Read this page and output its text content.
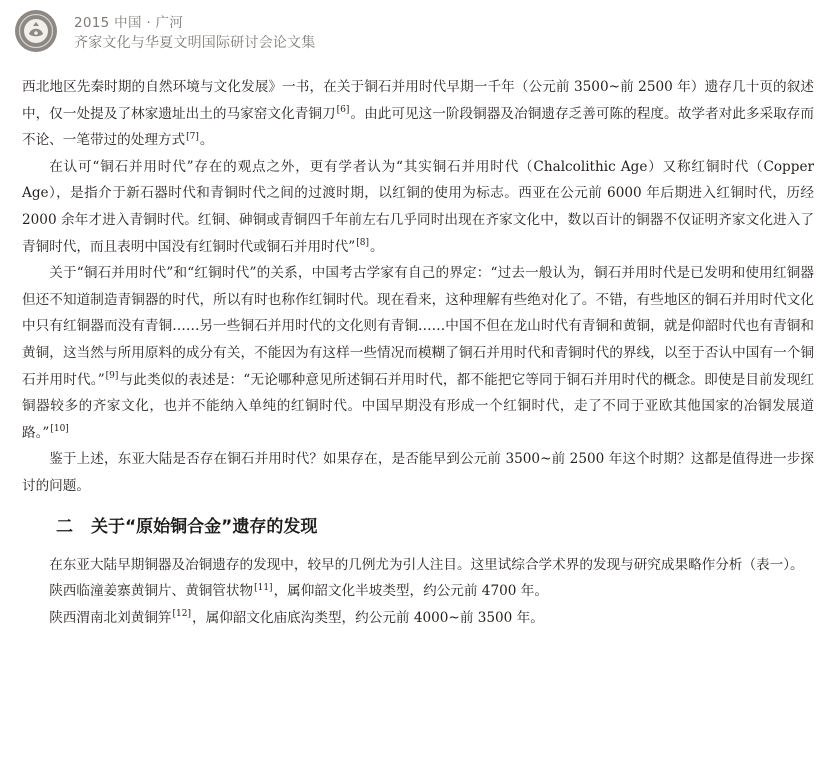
2015 中国 · 广河
齐家文化与华夏文明国际研讨会论文集

西北地区先秦时期的自然环境与文化发展》一书，在关于铜石并用时代早期一千年（公元前 3500~前 2500 年）遗存几十页的叙述中，仅一处提及了林家遗址出土的马家窑文化青铜刀[6]。由此可见这一阶段铜器及冶铜遗存乏善可陈的程度。故学者对此多采取存而不论、一笔带过的处理方式[7]。

在认可“铜石并用时代”存在的观点之外，更有学者认为“其实铜石并用时代（Chalcolithic Age）又称红铜时代（Copper Age），是指介于新石器时代和青铜时代之间的过渡时期，以红铜的使用为标志。西亚在公元前 6000 年后期进入红铜时代，历经 2000 余年才进入青铜时代。红铜、砷铜或青铜四千年前左右几乎同时出现在齐家文化中，数以百计的铜器不仅证明齐家文化进入了青铜时代，而且表明中国没有红铜时代或铜石并用时代”[8]。

关于“铜石并用时代”和“红铜时代”的关系，中国考古学家有自己的界定：“过去一般认为，铜石并用时代是已发明和使用红铜器但还不知道制造青铜器的时代，所以有时也称作红铜时代。现在看来，这种理解有些绝对化了。不错，有些地区的铜石并用时代文化中只有红铜器而没有青铜……另一些铜石并用时代的文化则有青铜……中国不但在龙山时代有青铜和黄铜，就是仰韶时代也有青铜和黄铜，这当然与所用原料的成分有关，不能因为有这样一些情况而模糊了铜石并用时代和青铜时代的界线，以至于否认中国有一个铜石并用时代。”[9]与此类似的表述是：“无论哪种意见所述铜石并用时代，都不能把它等同于铜石并用时代的概念。即使是目前发现红铜器较多的齐家文化，也并不能纳入单纯的红铜时代。中国早期没有形成一个红铜时代，走了不同于亚欧其他国家的冶铜发展道路。”[10]

鉴于上述，东亚大陆是否存在铜石并用时代？如果存在，是否能早到公元前 3500~前 2500 年这个时期？这都是值得进一步探讨的问题。

二 关于“原始铜合金”遗存的发现

在东亚大陆早期铜器及冶铜遗存的发现中，较早的几例尤为引人注目。这里试综合学术界的发现与研究成果略作分析（表一）。

陕西临潼姜寨黄铜片、黄铜管状物[11]，属仰韶文化半坡类型，约公元前 4700 年。

陕西渭南北刘黄铜笄[12]，属仰韶文化庙底沟类型，约公元前 4000~前 3500 年。
